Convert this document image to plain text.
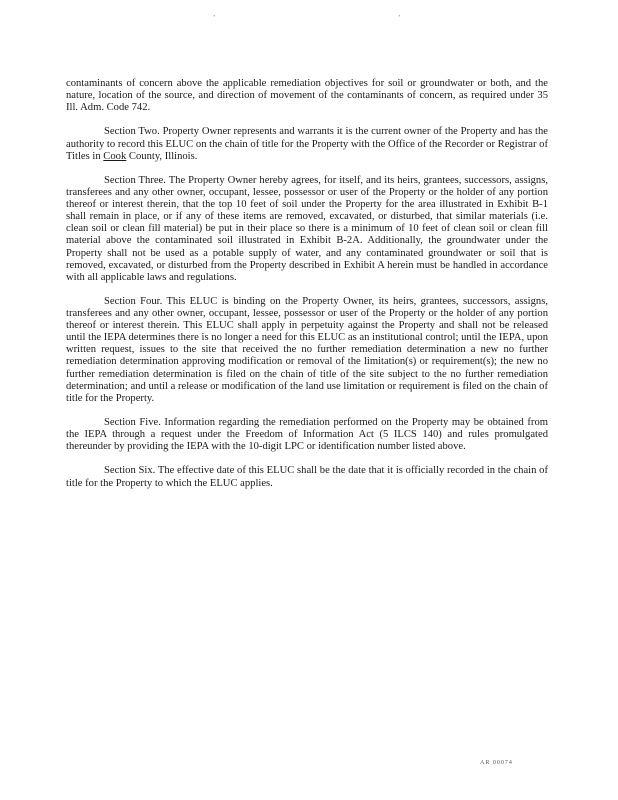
’	’

contaminants of concern above the applicable remediation objectives for soil or groundwater or both, and the nature, location of the source, and direction of movement of the contaminants of concern, as required under 35 Ill. Adm. Code 742.

Section Two. Property Owner represents and warrants it is the current owner of the Property and has the authority to record this ELUC on the chain of title for the Property with the Office of the Recorder or Registrar of Titles in Cook County, Illinois.

Section Three. The Property Owner hereby agrees, for itself, and its heirs, grantees, successors, assigns, transferees and any other owner, occupant, lessee, possessor or user of the Property or the holder of any portion thereof or interest therein, that the top 10 feet of soil under the Property for the area illustrated in Exhibit B-1 shall remain in place, or if any of these items are removed, excavated, or disturbed, that similar materials (i.e. clean soil or clean fill material) be put in their place so there is a minimum of 10 feet of clean soil or clean fill material above the contaminated soil illustrated in Exhibit B-2A. Additionally, the groundwater under the Property shall not be used as a potable supply of water, and any contaminated groundwater or soil that is removed, excavated, or disturbed from the Property described in Exhibit A herein must be handled in accordance with all applicable laws and regulations.

Section Four. This ELUC is binding on the Property Owner, its heirs, grantees, successors, assigns, transferees and any other owner, occupant, lessee, possessor or user of the Property or the holder of any portion thereof or interest therein. This ELUC shall apply in perpetuity against the Property and shall not be released until the IEPA determines there is no longer a need for this ELUC as an institutional control; until the IEPA, upon written request, issues to the site that received the no further remediation determination a new no further remediation determination approving modification or removal of the limitation(s) or requirement(s); the new no further remediation determination is filed on the chain of title of the site subject to the no further remediation determination; and until a release or modification of the land use limitation or requirement is filed on the chain of title for the Property.

Section Five. Information regarding the remediation performed on the Property may be obtained from the IEPA through a request under the Freedom of Information Act (5 ILCS 140) and rules promulgated thereunder by providing the IEPA with the 10-digit LPC or identification number listed above.

Section Six. The effective date of this ELUC shall be the date that it is officially recorded in the chain of title for the Property to which the ELUC applies.

AR 00074
